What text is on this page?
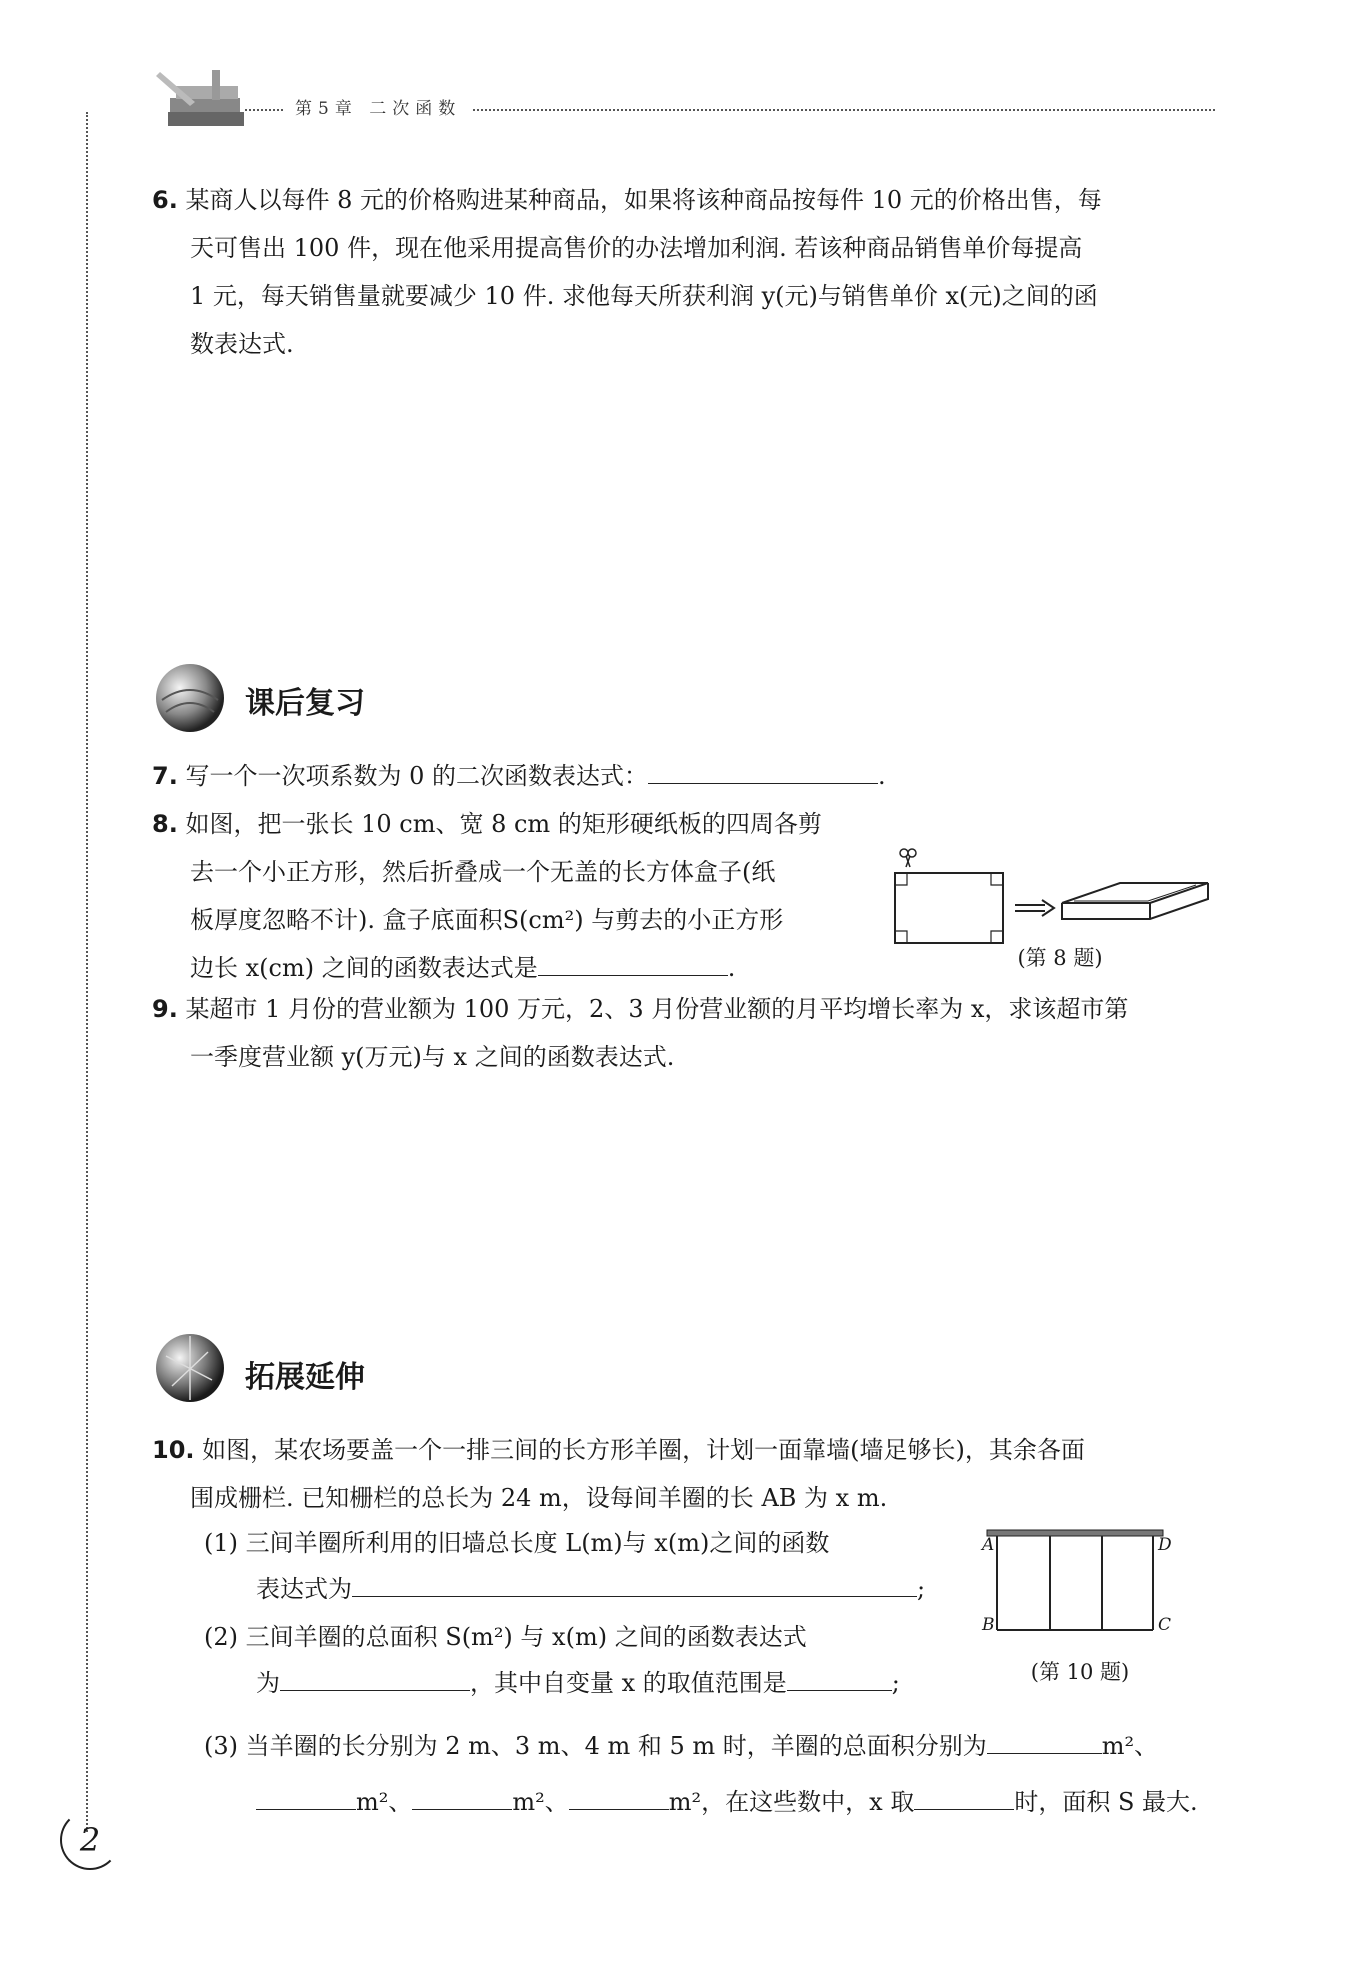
第5章 二次函数
6. 某商人以每件 8 元的价格购进某种商品，如果将该种商品按每件 10 元的价格出售，每
天可售出 100 件，现在他采用提高售价的办法增加利润. 若该种商品销售单价每提高
1 元，每天销售量就要减少 10 件. 求他每天所获利润 y(元)与销售单价 x(元)之间的函
数表达式.
课后复习
7. 写一个一次项系数为 0 的二次函数表达式：	.
8. 如图，把一张长 10 cm、宽 8 cm 的矩形硬纸板的四周各剪
去一个小正方形，然后折叠成一个无盖的长方体盒子(纸
板厚度忽略不计). 盒子底面积S(cm²) 与剪去的小正方形
边长 x(cm) 之间的函数表达式是	.	(第 8 题)
9. 某超市 1 月份的营业额为 100 万元，2、3 月份营业额的月平均增长率为 x，求该超市第
一季度营业额 y(万元)与 x 之间的函数表达式.
拓展延伸
10. 如图，某农场要盖一个一排三间的长方形羊圈，计划一面靠墙(墙足够长)，其余各面
围成栅栏. 已知栅栏的总长为 24 m，设每间羊圈的长 AB 为 x m.
(1) 三间羊圈所利用的旧墙总长度 L(m)与 x(m)之间的函数
表达式为	;
(2) 三间羊圈的总面积 S(m²) 与 x(m) 之间的函数表达式
为	，其中自变量 x 的取值范围是	;
A	D
B	C
(第 10 题)
(3) 当羊圈的长分别为 2 m、3 m、4 m 和 5 m 时，羊圈的总面积分别为	m²、
m²、	m²、	m²，在这些数中，x 取	时，面积 S 最大.
2
